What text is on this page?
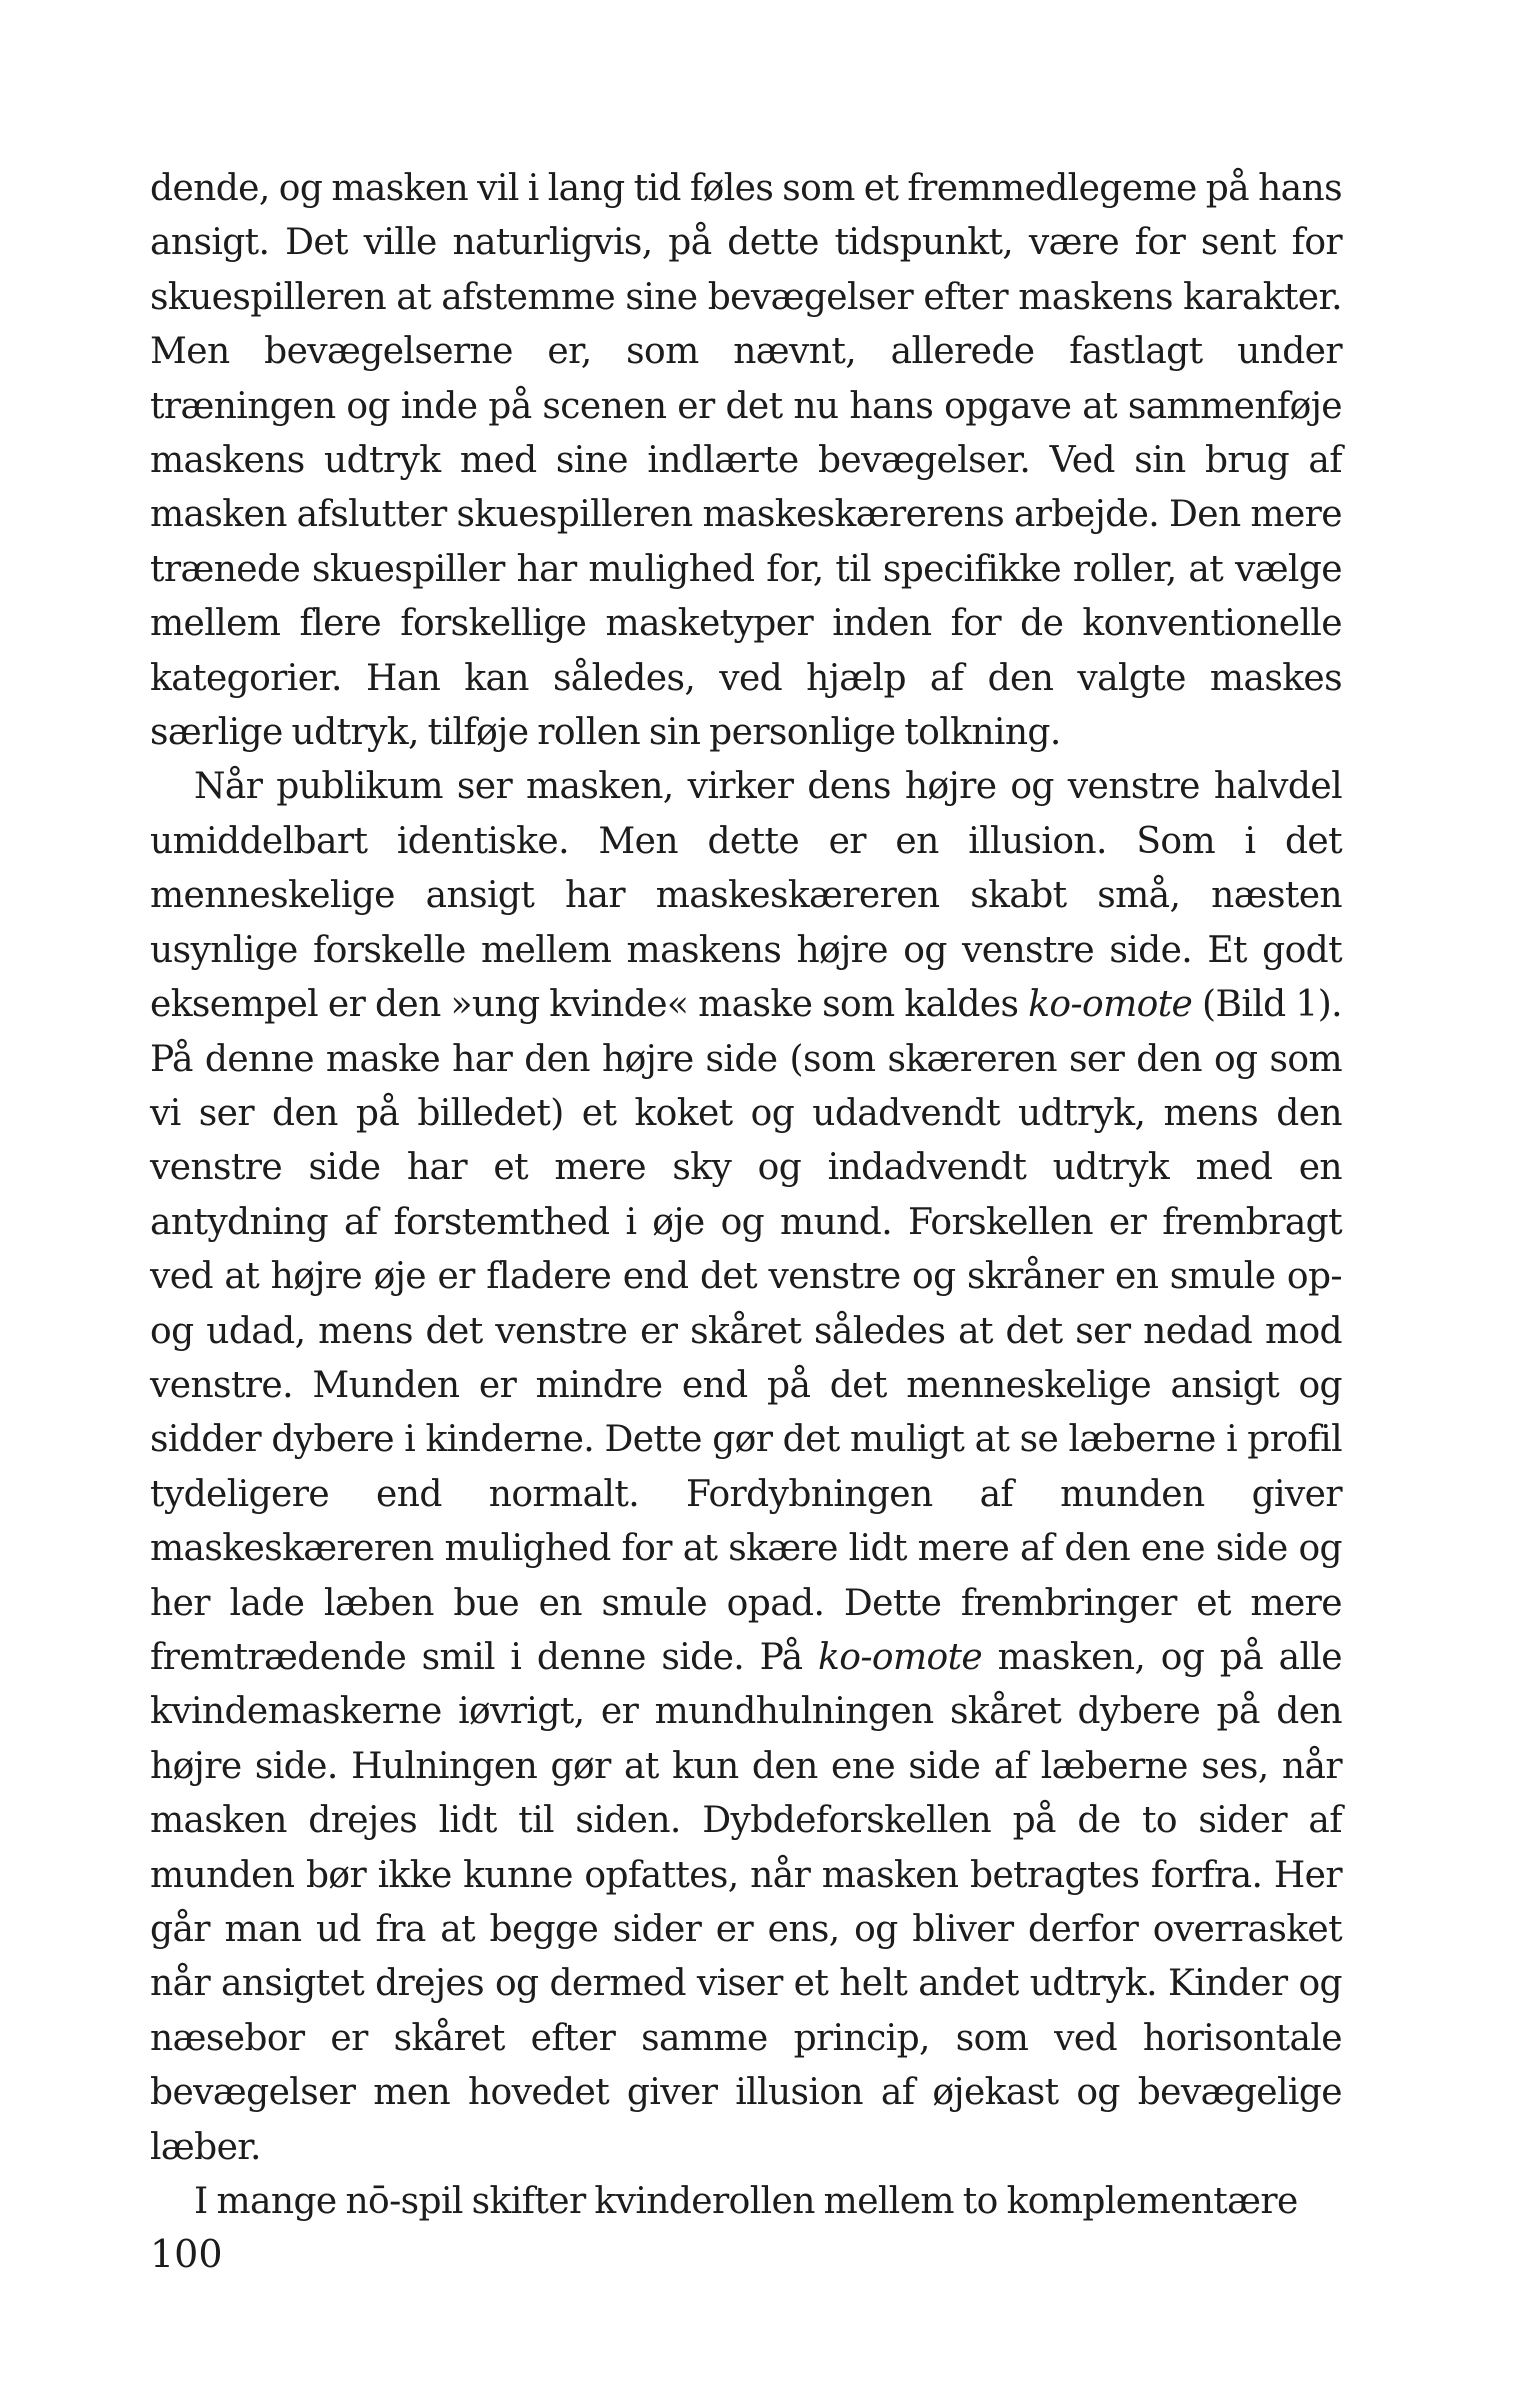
dende, og masken vil i lang tid føles som et fremmedlegeme på hans ansigt. Det ville naturligvis, på dette tidspunkt, være for sent for skuespilleren at afstemme sine bevægelser efter maskens karakter. Men bevægelserne er, som nævnt, allerede fastlagt under træningen og inde på scenen er det nu hans opgave at sammenføje maskens udtryk med sine indlærte bevægelser. Ved sin brug af masken afslutter skuespilleren maskeskærerens arbejde. Den mere trænede skuespiller har mulighed for, til specifikke roller, at vælge mellem flere forskellige masketyper inden for de konventionelle kategorier. Han kan således, ved hjælp af den valgte maskes særlige udtryk, tilføje rollen sin personlige tolkning.

Når publikum ser masken, virker dens højre og venstre halvdel umiddelbart identiske. Men dette er en illusion. Som i det menneskelige ansigt har maskeskæreren skabt små, næsten usynlige forskelle mellem maskens højre og venstre side. Et godt eksempel er den »ung kvinde« maske som kaldes ko-omote (Bild 1). På denne maske har den højre side (som skæreren ser den og som vi ser den på billedet) et koket og udadvendt udtryk, mens den venstre side har et mere sky og indadvendt udtryk med en antydning af forstemthed i øje og mund. Forskellen er frembragt ved at højre øje er fladere end det venstre og skråner en smule op- og udad, mens det venstre er skåret således at det ser nedad mod venstre. Munden er mindre end på det menneskelige ansigt og sidder dybere i kinderne. Dette gør det muligt at se læberne i profil tydeligere end normalt. Fordybningen af munden giver maskeskæreren mulighed for at skære lidt mere af den ene side og her lade læben bue en smule opad. Dette frembringer et mere fremtrædende smil i denne side. På ko-omote masken, og på alle kvindemaskerne iøvrigt, er mundhulningen skåret dybere på den højre side. Hulningen gør at kun den ene side af læberne ses, når masken drejes lidt til siden. Dybdeforskellen på de to sider af munden bør ikke kunne opfattes, når masken betragtes forfra. Her går man ud fra at begge sider er ens, og bliver derfor overrasket når ansigtet drejes og dermed viser et helt andet udtryk. Kinder og næsebor er skåret efter samme princip, som ved horisontale bevægelser men hovedet giver illusion af øjekast og bevægelige læber.

I mange nō-spil skifter kvinderollen mellem to komplementære

100
